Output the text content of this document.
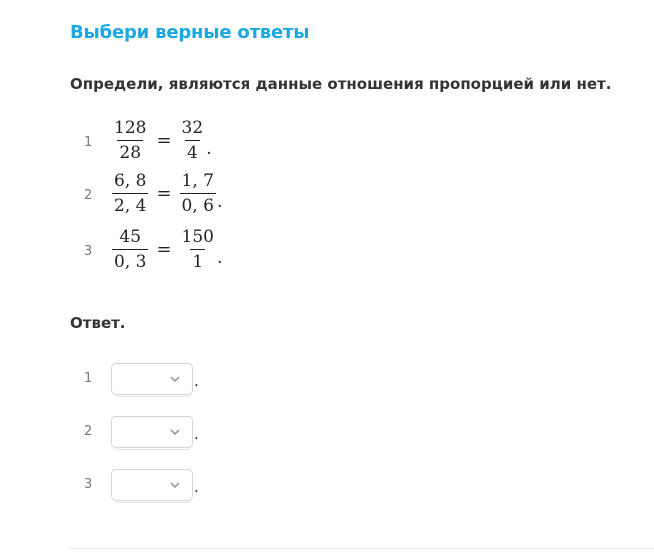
Выбери верные ответы
Определи, являются данные отношения пропорцией или нет.
$1 \frac{128}{28} = \frac{32}{4}$ .
$2 \frac{6, 8}{2, 4} = \frac{1, 7}{0, 6}$ .
$3 \frac{45}{0, 3} = \frac{150}{1}$ .
Ответ.
1	.
2	.
3	.
